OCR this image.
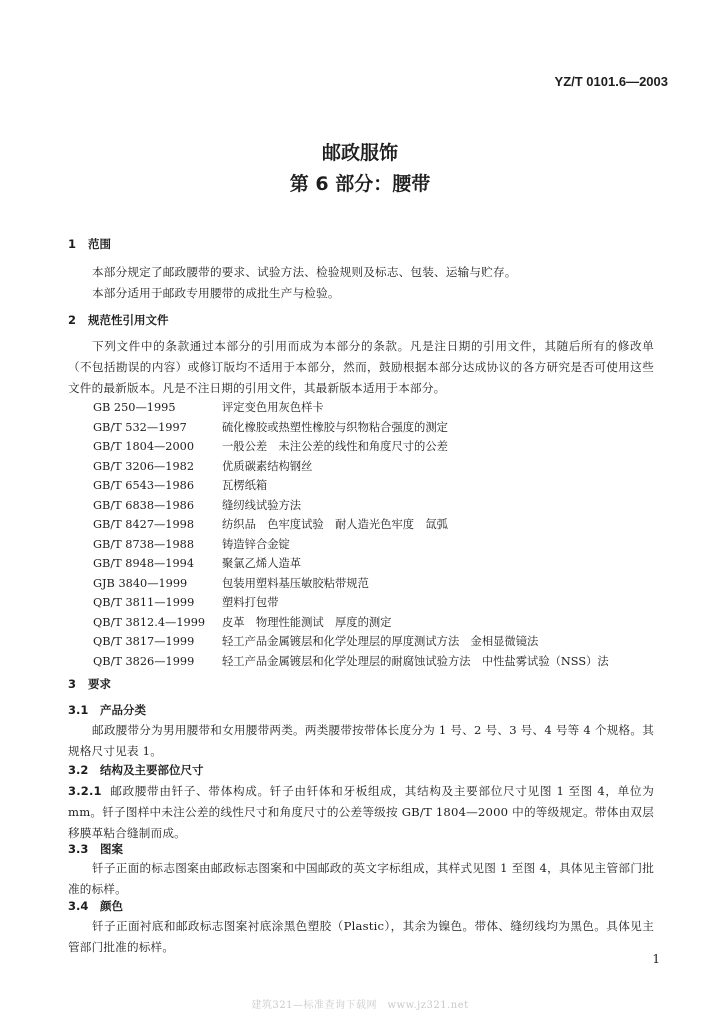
YZ/T 0101.6—2003
邮政服饰
第 6 部分：腰带
1 范围
本部分规定了邮政腰带的要求、试验方法、检验规则及标志、包装、运输与贮存。
本部分适用于邮政专用腰带的成批生产与检验。
2 规范性引用文件
下列文件中的条款通过本部分的引用而成为本部分的条款。凡是注日期的引用文件，其随后所有的修改单（不包括勘误的内容）或修订版均不适用于本部分，然而，鼓励根据本部分达成协议的各方研究是否可使用这些文件的最新版本。凡是不注日期的引用文件，其最新版本适用于本部分。
GB 250—1995	评定变色用灰色样卡
GB/T 532—1997	硫化橡胶或热塑性橡胶与织物粘合强度的测定
GB/T 1804—2000	一般公差　未注公差的线性和角度尺寸的公差
GB/T 3206—1982	优质碳素结构钢丝
GB/T 6543—1986	瓦楞纸箱
GB/T 6838—1986	缝纫线试验方法
GB/T 8427—1998	纺织品　色牢度试验　耐人造光色牢度　氙弧
GB/T 8738—1988	铸造锌合金锭
GB/T 8948—1994	聚氯乙烯人造革
GJB 3840—1999	包装用塑料基压敏胶粘带规范
QB/T 3811—1999	塑料打包带
QB/T 3812.4—1999	皮革　物理性能测试　厚度的测定
QB/T 3817—1999	轻工产品金属镀层和化学处理层的厚度测试方法　金相显微镜法
QB/T 3826—1999	轻工产品金属镀层和化学处理层的耐腐蚀试验方法　中性盐雾试验（NSS）法
3 要求
3.1 产品分类
邮政腰带分为男用腰带和女用腰带两类。两类腰带按带体长度分为 1 号、2 号、3 号、4 号等 4 个规格。其规格尺寸见表 1。
3.2 结构及主要部位尺寸
3.2.1 邮政腰带由钎子、带体构成。钎子由钎体和牙板组成，其结构及主要部位尺寸见图 1 至图 4，单位为 mm。钎子图样中未注公差的线性尺寸和角度尺寸的公差等级按 GB/T 1804—2000 中的等级规定。带体由双层移膜革粘合缝制而成。
3.3 图案
钎子正面的标志图案由邮政标志图案和中国邮政的英文字标组成，其样式见图 1 至图 4，具体见主管部门批准的标样。
3.4 颜色
钎子正面衬底和邮政标志图案衬底涂黑色塑胶（Plastic），其余为镍色。带体、缝纫线均为黑色。具体见主管部门批准的标样。
1
建筑321—标准查询下载网　www.jz321.net
